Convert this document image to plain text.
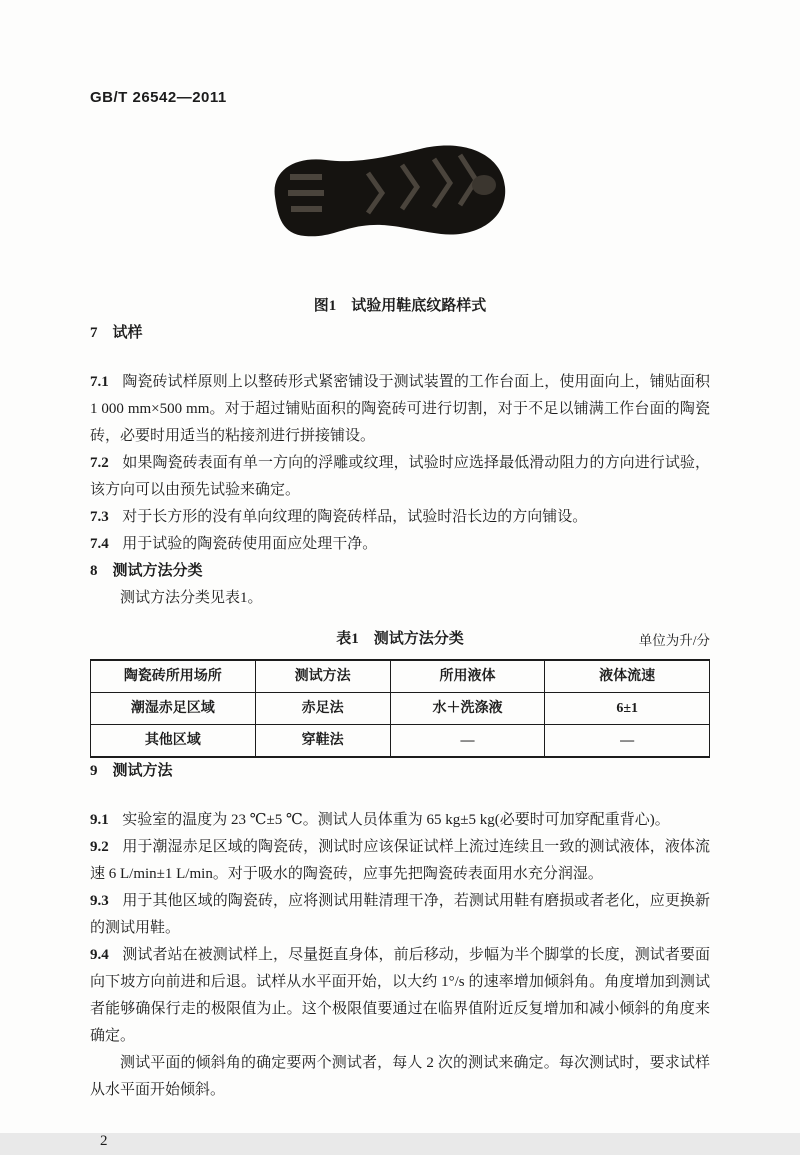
GB/T 26542—2011
图1　试验用鞋底纹路样式
7　试样

7.1 陶瓷砖试样原则上以整砖形式紧密铺设于测试装置的工作台面上，使用面向上，铺贴面积 1 000 mm×500 mm。对于超过铺贴面积的陶瓷砖可进行切割，对于不足以铺满工作台面的陶瓷砖，必要时用适当的粘接剂进行拼接铺设。

7.2 如果陶瓷砖表面有单一方向的浮雕或纹理，试验时应选择最低滑动阻力的方向进行试验，该方向可以由预先试验来确定。

7.3 对于长方形的没有单向纹理的陶瓷砖样品，试验时沿长边的方向铺设。

7.4 用于试验的陶瓷砖使用面应处理干净。

8　测试方法分类

测试方法分类见表1。

表1　测试方法分类	单位为升/分
陶瓷砖所用场所	测试方法	所用液体	液体流速
潮湿赤足区域	赤足法	水＋洗涤液	6±1
其他区域	穿鞋法	—	—
9　测试方法

9.1 实验室的温度为 23 ℃±5 ℃。测试人员体重为 65 kg±5 kg(必要时可加穿配重背心)。

9.2 用于潮湿赤足区域的陶瓷砖，测试时应该保证试样上流过连续且一致的测试液体，液体流速 6 L/min±1 L/min。对于吸水的陶瓷砖，应事先把陶瓷砖表面用水充分润湿。

9.3 用于其他区域的陶瓷砖，应将测试用鞋清理干净，若测试用鞋有磨损或者老化，应更换新的测试用鞋。

9.4 测试者站在被测试样上，尽量挺直身体，前后移动，步幅为半个脚掌的长度，测试者要面向下坡方向前进和后退。试样从水平面开始，以大约 1°/s 的速率增加倾斜角。角度增加到测试者能够确保行走的极限值为止。这个极限值要通过在临界值附近反复增加和减小倾斜的角度来确定。

测试平面的倾斜角的确定要两个测试者，每人 2 次的测试来确定。每次测试时，要求试样从水平面开始倾斜。

2
